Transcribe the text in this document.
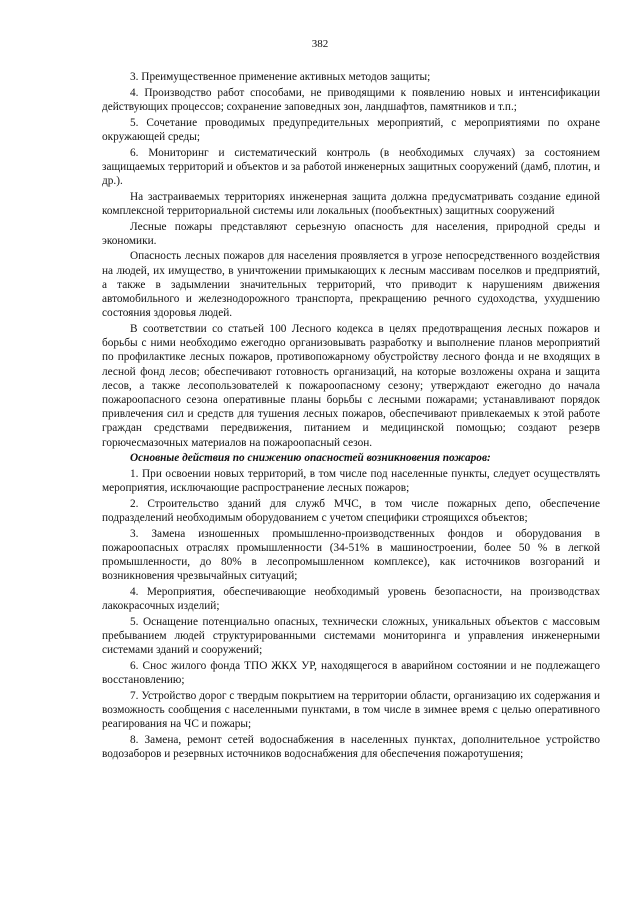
382

3. Преимущественное применение активных методов защиты;

4. Производство работ способами, не приводящими к появлению новых и интенсификации действующих процессов; сохранение заповедных зон, ландшафтов, памятников и т.п.;

5. Сочетание проводимых предупредительных мероприятий, с мероприятиями по охране окружающей среды;

6. Мониторинг и систематический контроль (в необходимых случаях) за состоянием защищаемых территорий и объектов и за работой инженерных защитных сооружений (дамб, плотин, и др.).

На застраиваемых территориях инженерная защита должна предусматривать создание единой комплексной территориальной системы или локальных (пообъектных) защитных сооружений

Лесные пожары представляют серьезную опасность для населения, природной среды и экономики.

Опасность лесных пожаров для населения проявляется в угрозе непосредственного воздействия на людей, их имущество, в уничтожении примыкающих к лесным массивам поселков и предприятий, а также в задымлении значительных территорий, что приводит к нарушениям движения автомобильного и железнодорожного транспорта, прекращению речного судоходства, ухудшению состояния здоровья людей.

В соответствии со статьей 100 Лесного кодекса в целях предотвращения лесных пожаров и борьбы с ними необходимо ежегодно организовывать разработку и выполнение планов мероприятий по профилактике лесных пожаров, противопожарному обустройству лесного фонда и не входящих в лесной фонд лесов; обеспечивают готовность организаций, на которые возложены охрана и защита лесов, а также лесопользователей к пожароопасному сезону; утверждают ежегодно до начала пожароопасного сезона оперативные планы борьбы с лесными пожарами; устанавливают порядок привлечения сил и средств для тушения лесных пожаров, обеспечивают привлекаемых к этой работе граждан средствами передвижения, питанием и медицинской помощью; создают резерв горючесмазочных материалов на пожароопасный сезон.

Основные действия по снижению опасностей возникновения пожаров:

1. При освоении новых территорий, в том числе под населенные пункты, следует осуществлять мероприятия, исключающие распространение лесных пожаров;

2. Строительство зданий для служб МЧС, в том числе пожарных депо, обеспечение подразделений необходимым оборудованием с учетом специфики строящихся объектов;

3. Замена изношенных промышленно-производственных фондов и оборудования в пожароопасных отраслях промышленности (34-51% в машиностроении, более 50 % в легкой промышленности, до 80% в лесопромышленном комплексе), как источников возгораний и возникновения чрезвычайных ситуаций;

4. Мероприятия, обеспечивающие необходимый уровень безопасности, на производствах лакокрасочных изделий;

5. Оснащение потенциально опасных, технически сложных, уникальных объектов с массовым пребыванием людей структурированными системами мониторинга и управления инженерными системами зданий и сооружений;

6. Снос жилого фонда ТПО ЖКХ УР, находящегося в аварийном состоянии и не подлежащего восстановлению;

7. Устройство дорог с твердым покрытием на территории области, организацию их содержания и возможность сообщения с населенными пунктами, в том числе в зимнее время с целью оперативного реагирования на ЧС и пожары;

8. Замена, ремонт сетей водоснабжения в населенных пунктах, дополнительное устройство водозаборов и резервных источников водоснабжения для обеспечения пожаротушения;
